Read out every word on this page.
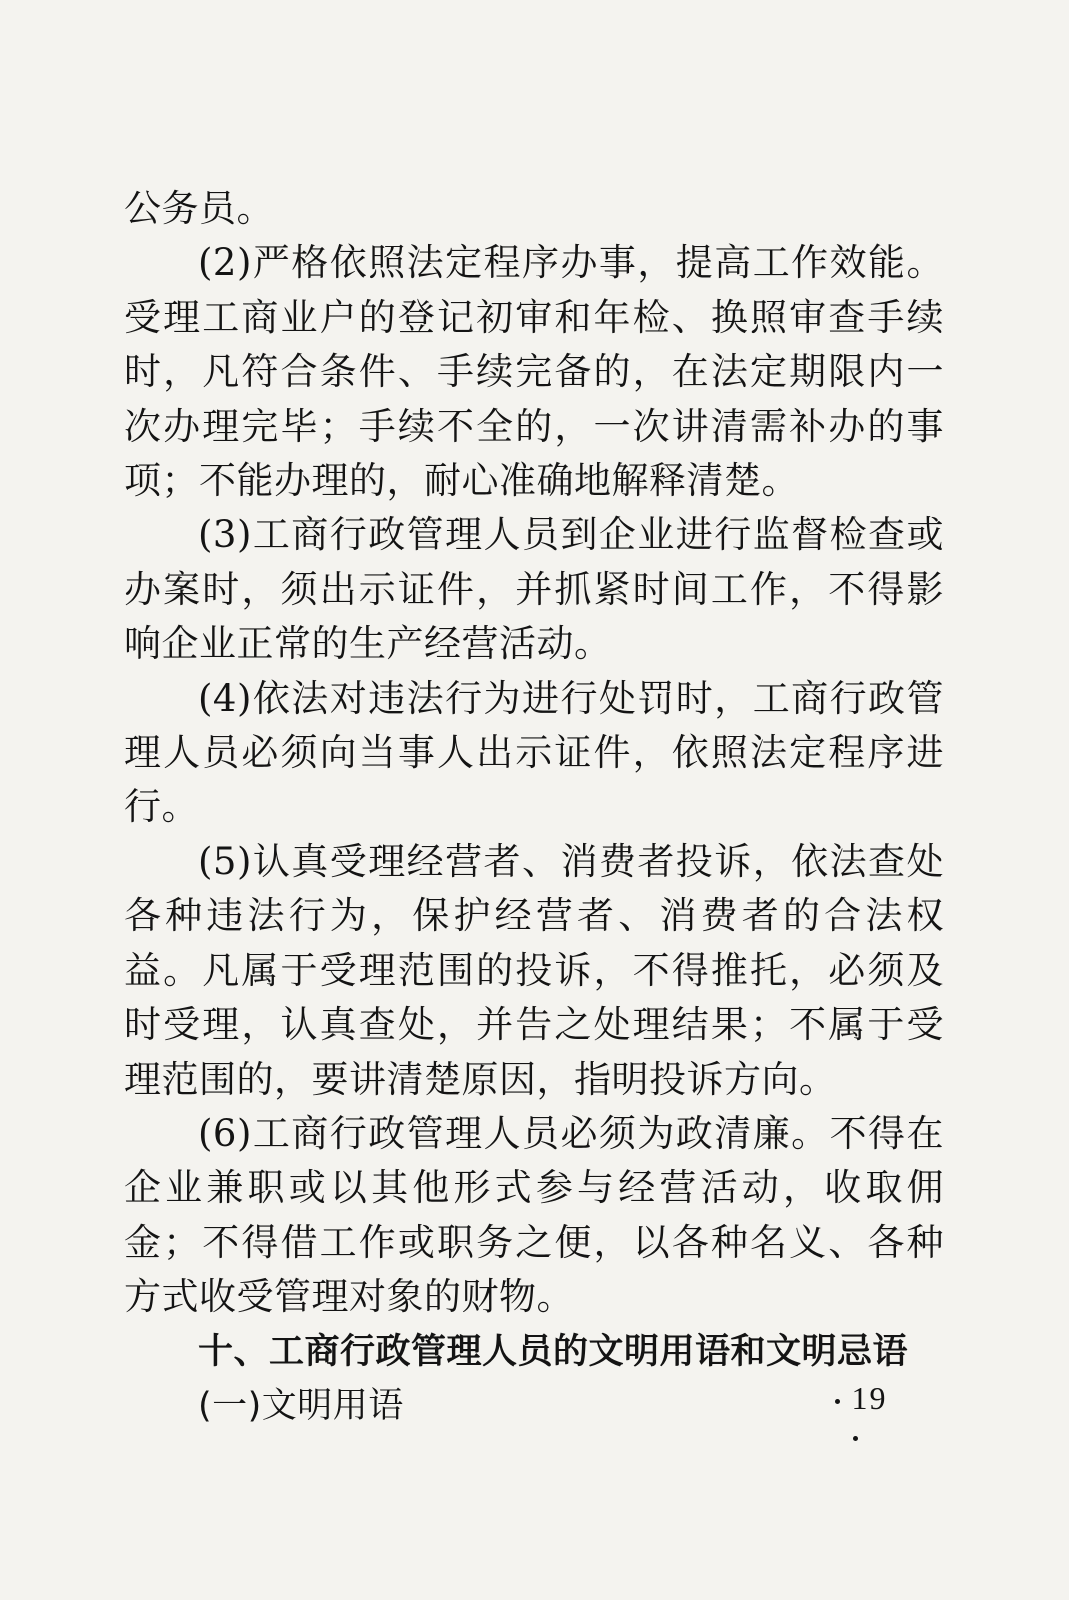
公务员。

(2)严格依照法定程序办事，提高工作效能。受理工商业户的登记初审和年检、换照审查手续时，凡符合条件、手续完备的，在法定期限内一次办理完毕；手续不全的，一次讲清需补办的事项；不能办理的，耐心准确地解释清楚。

(3)工商行政管理人员到企业进行监督检查或办案时，须出示证件，并抓紧时间工作，不得影响企业正常的生产经营活动。

(4)依法对违法行为进行处罚时，工商行政管理人员必须向当事人出示证件，依照法定程序进行。

(5)认真受理经营者、消费者投诉，依法查处各种违法行为，保护经营者、消费者的合法权益。凡属于受理范围的投诉，不得推托，必须及时受理，认真查处，并告之处理结果；不属于受理范围的，要讲清楚原因，指明投诉方向。

(6)工商行政管理人员必须为政清廉。不得在企业兼职或以其他形式参与经营活动，收取佣金；不得借工作或职务之便，以各种名义、各种方式收受管理对象的财物。

十、工商行政管理人员的文明用语和文明忌语

(一)文明用语	19
